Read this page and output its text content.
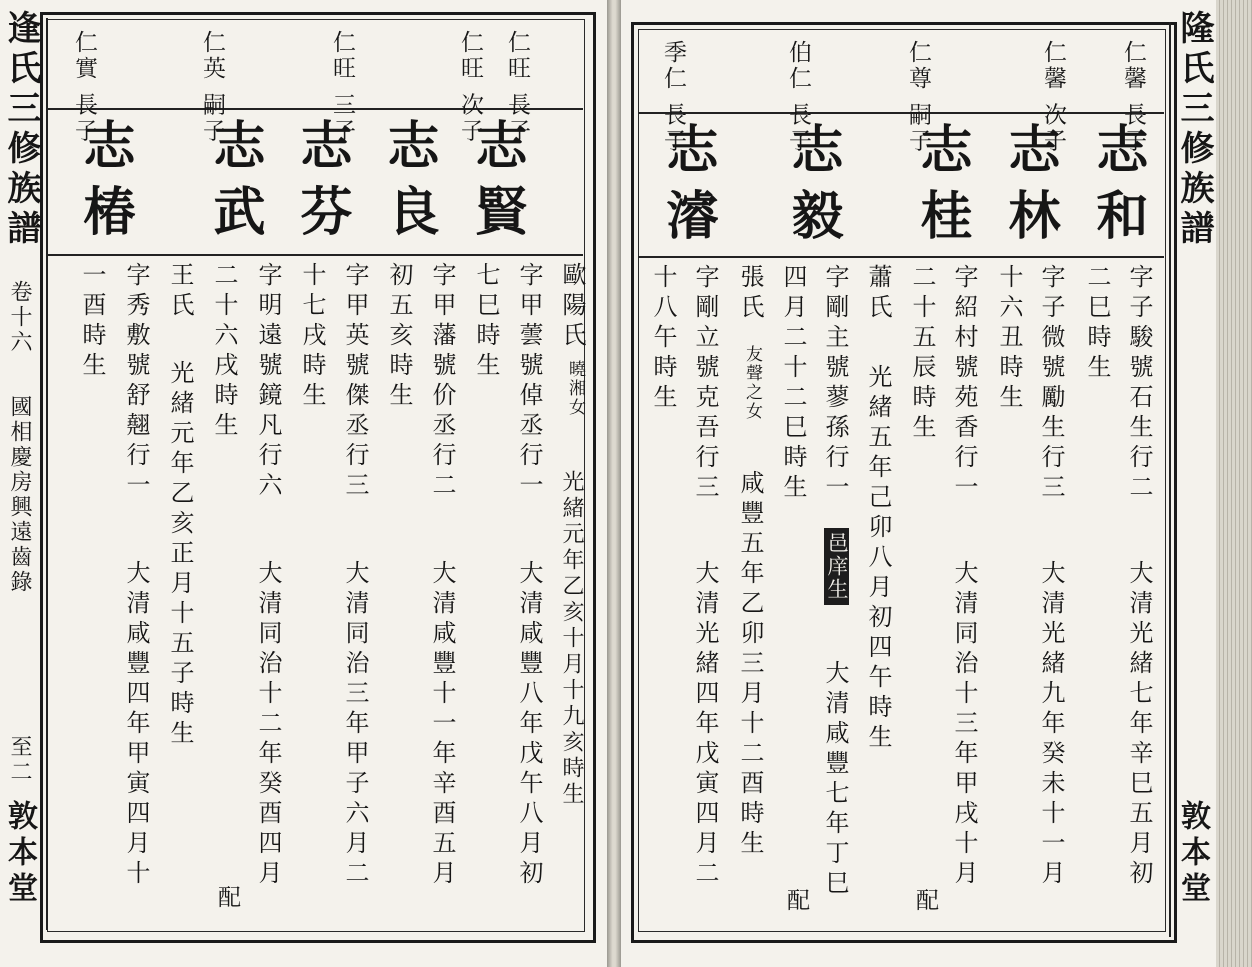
逢氏三修族譜
卷十六
國相慶房興遠齒錄
至二
敦本堂
仁旺 長子
仁旺 次子
仁旺 三子
仁英 嗣子
仁實 長子
志賢
志良
志芬
志武
志椿
字甲蕓號倬丞行一
大清咸豐八年戊午八月初
七巳時生 歐陽氏
曉湘女
光緒元年乙亥十月十九亥時生
字甲藩號价丞行二
大清咸豐十一年辛酉五月
初五亥時生
字甲英號傑丞行三
大清同治三年甲子六月二
十七戌時生
字明遠號鏡凡行六
大清同治十二年癸酉四月
二十六戌時生
配
王氏
光緒元年乙亥正月十五子時生
字秀敷號舒翹行一
大清咸豐四年甲寅四月十
一酉時生
隆氏三修族譜
敦本堂
仁馨 長子
仁馨 次子
仁尊 嗣子
伯仁 長子
季仁 長子
志和
志林
志桂
志毅
志濬
字子駿號石生行二
大清光緒七年辛巳五月初
二巳時生
字子微號勵生行三
大清光緒九年癸未十一月
十六丑時生
字紹村號苑香行一
大清同治十三年甲戌十月
二十五辰時生
配
蕭氏
光緒五年己卯八月初四午時生
字剛主號蓼孫行一
邑庠生
大清咸豐七年丁巳
四月二十二巳時生
配
張氏
友聲之女
咸豐五年乙卯三月十二酉時生
字剛立號克吾行三
大清光緒四年戊寅四月二
十八午時生
